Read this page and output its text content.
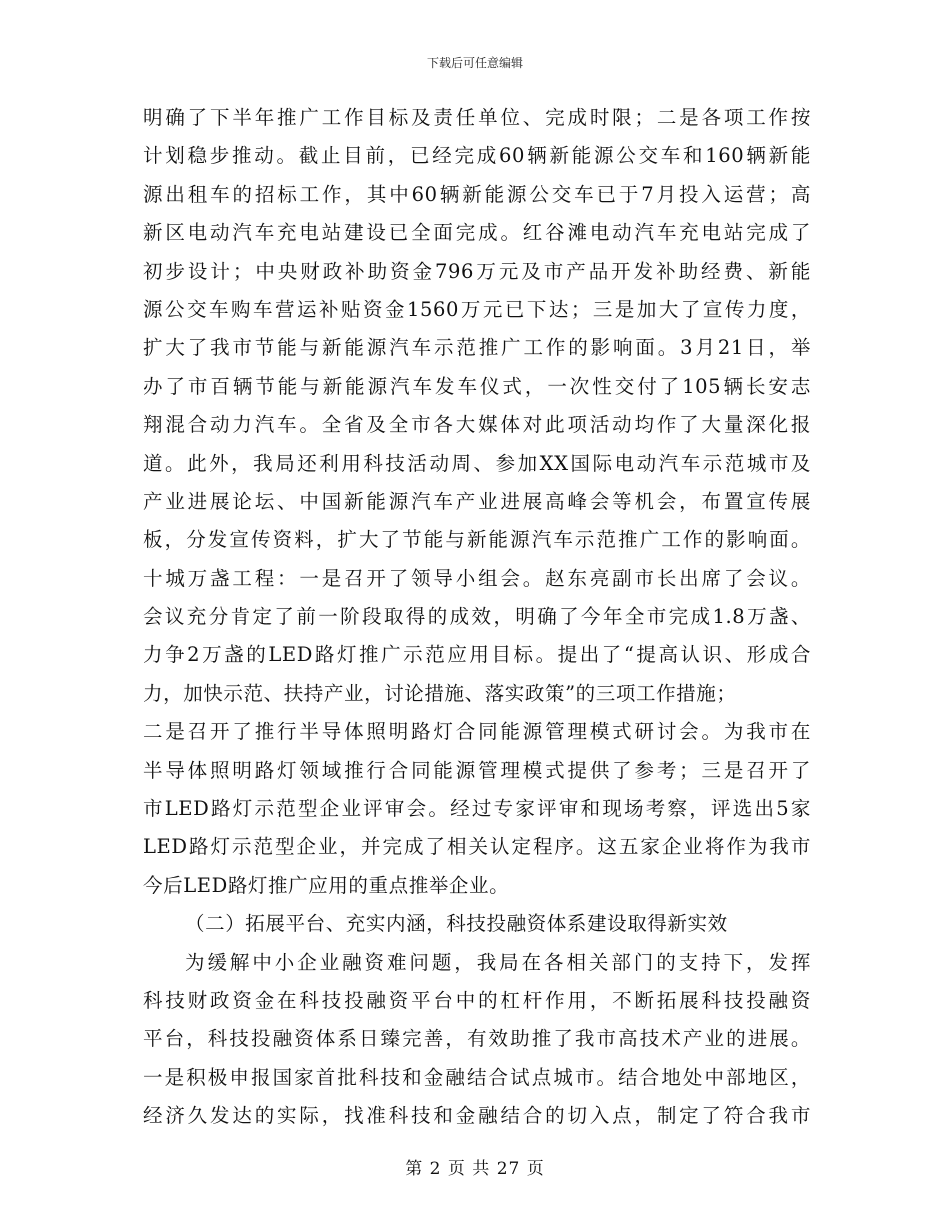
下载后可任意编辑
明确了下半年推广工作目标及责任单位、完成时限；二是各项工作按
计划稳步推动。截止目前，已经完成60辆新能源公交车和160辆新能
源出租车的招标工作，其中60辆新能源公交车已于7月投入运营；高
新区电动汽车充电站建设已全面完成。红谷滩电动汽车充电站完成了
初步设计；中央财政补助资金796万元及市产品开发补助经费、新能
源公交车购车营运补贴资金1560万元已下达；三是加大了宣传力度，
扩大了我市节能与新能源汽车示范推广工作的影响面。3月21日，举
办了市百辆节能与新能源汽车发车仪式，一次性交付了105辆长安志
翔混合动力汽车。全省及全市各大媒体对此项活动均作了大量深化报
道。此外，我局还利用科技活动周、参加XX国际电动汽车示范城市及
产业进展论坛、中国新能源汽车产业进展高峰会等机会，布置宣传展
板，分发宣传资料，扩大了节能与新能源汽车示范推广工作的影响面。
十城万盏工程：一是召开了领导小组会。赵东亮副市长出席了会议。
会议充分肯定了前一阶段取得的成效，明确了今年全市完成1.8万盏、
力争2万盏的LED路灯推广示范应用目标。提出了“提高认识、形成合
力，加快示范、扶持产业，讨论措施、落实政策”的三项工作措施；
二是召开了推行半导体照明路灯合同能源管理模式研讨会。为我市在
半导体照明路灯领域推行合同能源管理模式提供了参考；三是召开了
市LED路灯示范型企业评审会。经过专家评审和现场考察，评选出5家
LED路灯示范型企业，并完成了相关认定程序。这五家企业将作为我市
今后LED路灯推广应用的重点推举企业。
（二）拓展平台、充实内涵，科技投融资体系建设取得新实效
为缓解中小企业融资难问题，我局在各相关部门的支持下，发挥
科技财政资金在科技投融资平台中的杠杆作用，不断拓展科技投融资
平台，科技投融资体系日臻完善，有效助推了我市高技术产业的进展。
一是积极申报国家首批科技和金融结合试点城市。结合地处中部地区，
经济久发达的实际，找准科技和金融结合的切入点，制定了符合我市
第 2 页 共 27 页
